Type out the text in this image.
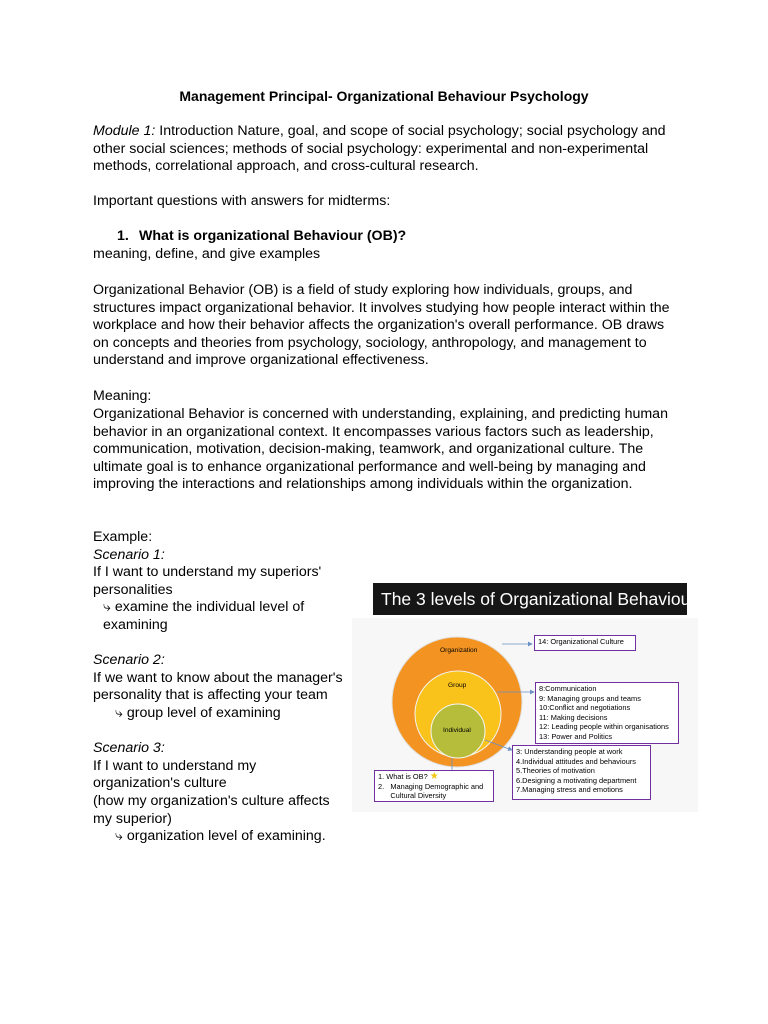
Management Principal- Organizational Behaviour Psychology

Module 1: Introduction Nature, goal, and scope of social psychology; social psychology and other social sciences; methods of social psychology: experimental and non-experimental methods, correlational approach, and cross-cultural research.

Important questions with answers for midterms:
1. What is organizational Behaviour (OB)?
meaning, define, and give examples
Organizational Behavior (OB) is a field of study exploring how individuals, groups, and structures impact organizational behavior. It involves studying how people interact within the workplace and how their behavior affects the organization's overall performance. OB draws on concepts and theories from psychology, sociology, anthropology, and management to understand and improve organizational effectiveness.
Meaning:
Organizational Behavior is concerned with understanding, explaining, and predicting human behavior in an organizational context. It encompasses various factors such as leadership, communication, motivation, decision-making, teamwork, and organizational culture. The ultimate goal is to enhance organizational performance and well-being by managing and improving the interactions and relationships among individuals within the organization.

Example:

Scenario 1:

If I want to understand my superiors' personalities

⤷ examine the individual level of examining

Scenario 2:

If we want to know about the manager's personality that is affecting your team

⤷ group level of examining

Scenario 3:

If I want to understand my organization's culture

(how my organization's culture affects my superior)

⤷ organization level of examining.

The 3 levels of Organizational Behaviour
Organization
Group
Individual
14: Organizational Culture
8:Communication
9: Managing groups and teams
10:Conflict and negotiations
11: Making decisions
12: Leading people within organisations
13: Power and Politics
3: Understanding people at work
4.Individual attitudes and behaviours
5.Theories of motivation
6.Designing a motivating department
7.Managing stress and emotions
1. What is OB? ★
2.   Managing Demographic and
Cultural Diversity
